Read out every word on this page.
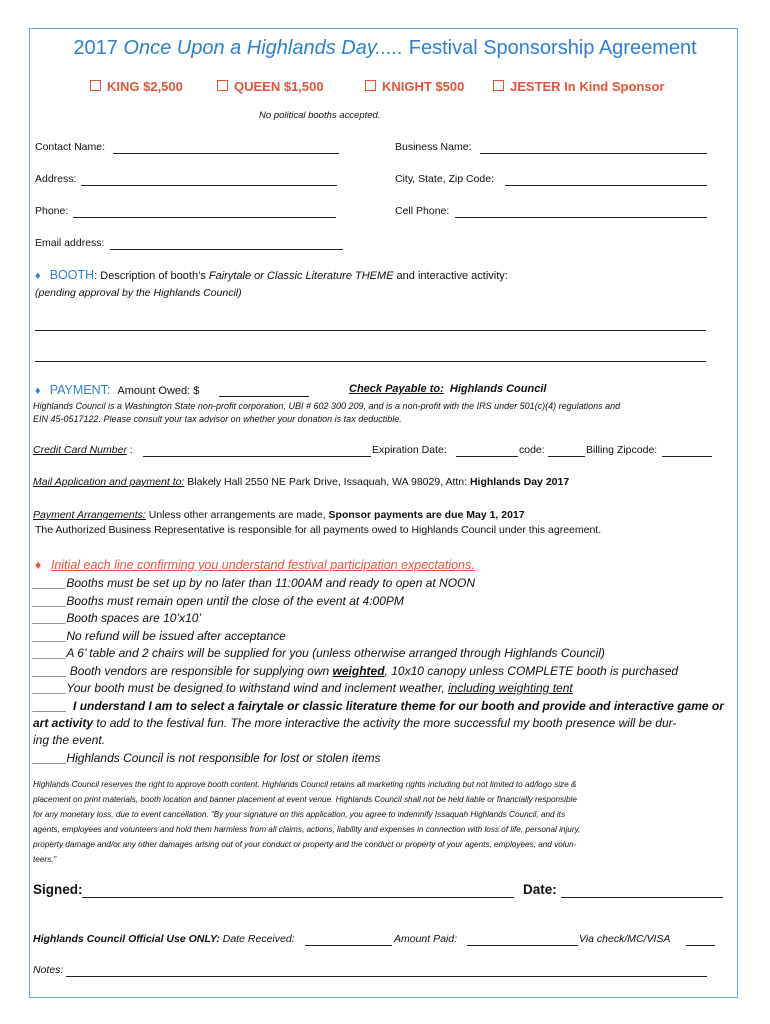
2017 Once Upon a Highlands Day..... Festival Sponsorship Agreement
KING $2,500	QUEEN $1,500	KNIGHT $500	JESTER In Kind Sponsor
No political booths accepted.
Contact Name:	Business Name:
Address:	City, State, Zip Code:
Phone:	Cell Phone:
Email address:
♦ BOOTH: Description of booth’s Fairytale or Classic Literature THEME and interactive activity:
(pending approval by the Highlands Council)
♦ PAYMENT: Amount Owed: $	Check Payable to: Highlands Council
Highlands Council is a Washington State non-profit corporation, UBI # 602 300 209, and is a non-profit with the IRS under 501(c)(4) regulations and
EIN 45-0517122. Please consult your tax advisor on whether your donation is tax deductible.
Credit Card Number :	Expiration Date:	code:	Billing Zipcode:
Mail Application and payment to: Blakely Hall 2550 NE Park Drive, Issaquah, WA 98029, Attn: Highlands Day 2017
Payment Arrangements: Unless other arrangements are made, Sponsor payments are due May 1, 2017
The Authorized Business Representative is responsible for all payments owed to Highlands Council under this agreement.
♦ Initial each line confirming you understand festival participation expectations.
_____Booths must be set up by no later than 11:00AM and ready to open at NOON
_____Booths must remain open until the close of the event at 4:00PM
_____Booth spaces are 10’x10’
_____No refund will be issued after acceptance
_____A 6’ table and 2 chairs will be supplied for you (unless otherwise arranged through Highlands Council)
_____ Booth vendors are responsible for supplying own weighted, 10x10 canopy unless COMPLETE booth is purchased
_____Your booth must be designed to withstand wind and inclement weather, including weighting tent
_____ I understand I am to select a fairytale or classic literature theme for our booth and provide and interactive game or
art activity to add to the festival fun. The more interactive the activity the more successful my booth presence will be dur-
ing the event.
_____Highlands Council is not responsible for lost or stolen items
Highlands Council reserves the right to approve booth content. Highlands Council retains all marketing rights including but not limited to ad/logo size &
placement on print materials, booth location and banner placement at event venue. Highlands Council shall not be held liable or financially responsible
for any monetary loss, due to event cancellation. “By your signature on this application, you agree to indemnify Issaquah Highlands Council, and its
agents, employees and volunteers and hold them harmless from all claims, actions, liability and expenses in connection with loss of life, personal injury,
property damage and/or any other damages arising out of your conduct or property and the conduct or property of your agents, employees, and volun-
teers.”
Signed:	Date:
Highlands Council Official Use ONLY: Date Received:	Amount Paid:	Via check/MC/VISA
Notes:
